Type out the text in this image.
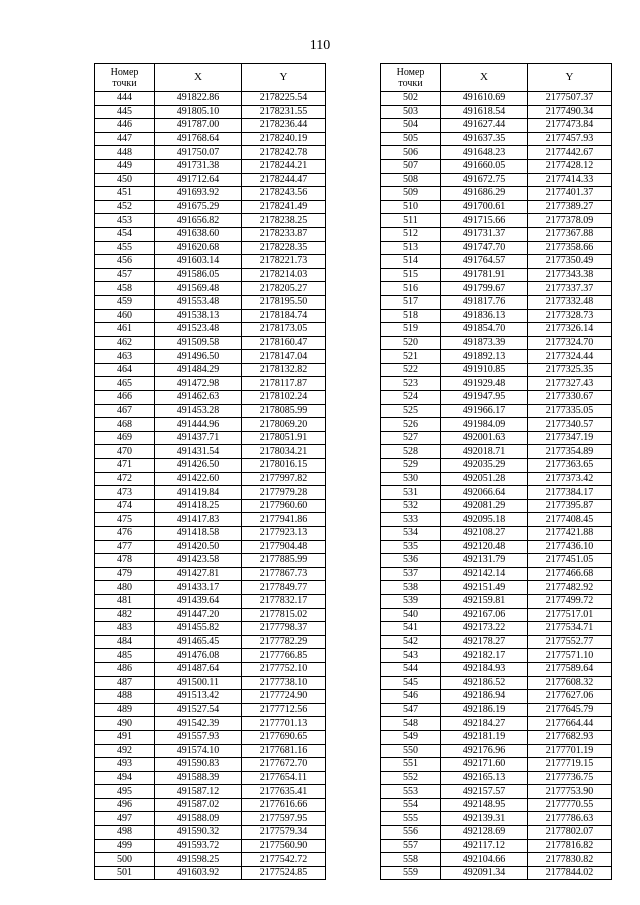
110
Номер
точки	X	Y
444	491822.86	2178225.54
445	491805.10	2178231.55
446	491787.00	2178236.44
447	491768.64	2178240.19
448	491750.07	2178242.78
449	491731.38	2178244.21
450	491712.64	2178244.47
451	491693.92	2178243.56
452	491675.29	2178241.49
453	491656.82	2178238.25
454	491638.60	2178233.87
455	491620.68	2178228.35
456	491603.14	2178221.73
457	491586.05	2178214.03
458	491569.48	2178205.27
459	491553.48	2178195.50
460	491538.13	2178184.74
461	491523.48	2178173.05
462	491509.58	2178160.47
463	491496.50	2178147.04
464	491484.29	2178132.82
465	491472.98	2178117.87
466	491462.63	2178102.24
467	491453.28	2178085.99
468	491444.96	2178069.20
469	491437.71	2178051.91
470	491431.54	2178034.21
471	491426.50	2178016.15
472	491422.60	2177997.82
473	491419.84	2177979.28
474	491418.25	2177960.60
475	491417.83	2177941.86
476	491418.58	2177923.13
477	491420.50	2177904.48
478	491423.58	2177885.99
479	491427.81	2177867.73
480	491433.17	2177849.77
481	491439.64	2177832.17
482	491447.20	2177815.02
483	491455.82	2177798.37
484	491465.45	2177782.29
485	491476.08	2177766.85
486	491487.64	2177752.10
487	491500.11	2177738.10
488	491513.42	2177724.90
489	491527.54	2177712.56
490	491542.39	2177701.13
491	491557.93	2177690.65
492	491574.10	2177681.16
493	491590.83	2177672.70
494	491588.39	2177654.11
495	491587.12	2177635.41
496	491587.02	2177616.66
497	491588.09	2177597.95
498	491590.32	2177579.34
499	491593.72	2177560.90
500	491598.25	2177542.72
501	491603.92	2177524.85
Номер
точки	X	Y
502	491610.69	2177507.37
503	491618.54	2177490.34
504	491627.44	2177473.84
505	491637.35	2177457.93
506	491648.23	2177442.67
507	491660.05	2177428.12
508	491672.75	2177414.33
509	491686.29	2177401.37
510	491700.61	2177389.27
511	491715.66	2177378.09
512	491731.37	2177367.88
513	491747.70	2177358.66
514	491764.57	2177350.49
515	491781.91	2177343.38
516	491799.67	2177337.37
517	491817.76	2177332.48
518	491836.13	2177328.73
519	491854.70	2177326.14
520	491873.39	2177324.70
521	491892.13	2177324.44
522	491910.85	2177325.35
523	491929.48	2177327.43
524	491947.95	2177330.67
525	491966.17	2177335.05
526	491984.09	2177340.57
527	492001.63	2177347.19
528	492018.71	2177354.89
529	492035.29	2177363.65
530	492051.28	2177373.42
531	492066.64	2177384.17
532	492081.29	2177395.87
533	492095.18	2177408.45
534	492108.27	2177421.88
535	492120.48	2177436.10
536	492131.79	2177451.05
537	492142.14	2177466.68
538	492151.49	2177482.92
539	492159.81	2177499.72
540	492167.06	2177517.01
541	492173.22	2177534.71
542	492178.27	2177552.77
543	492182.17	2177571.10
544	492184.93	2177589.64
545	492186.52	2177608.32
546	492186.94	2177627.06
547	492186.19	2177645.79
548	492184.27	2177664.44
549	492181.19	2177682.93
550	492176.96	2177701.19
551	492171.60	2177719.15
552	492165.13	2177736.75
553	492157.57	2177753.90
554	492148.95	2177770.55
555	492139.31	2177786.63
556	492128.69	2177802.07
557	492117.12	2177816.82
558	492104.66	2177830.82
559	492091.34	2177844.02
